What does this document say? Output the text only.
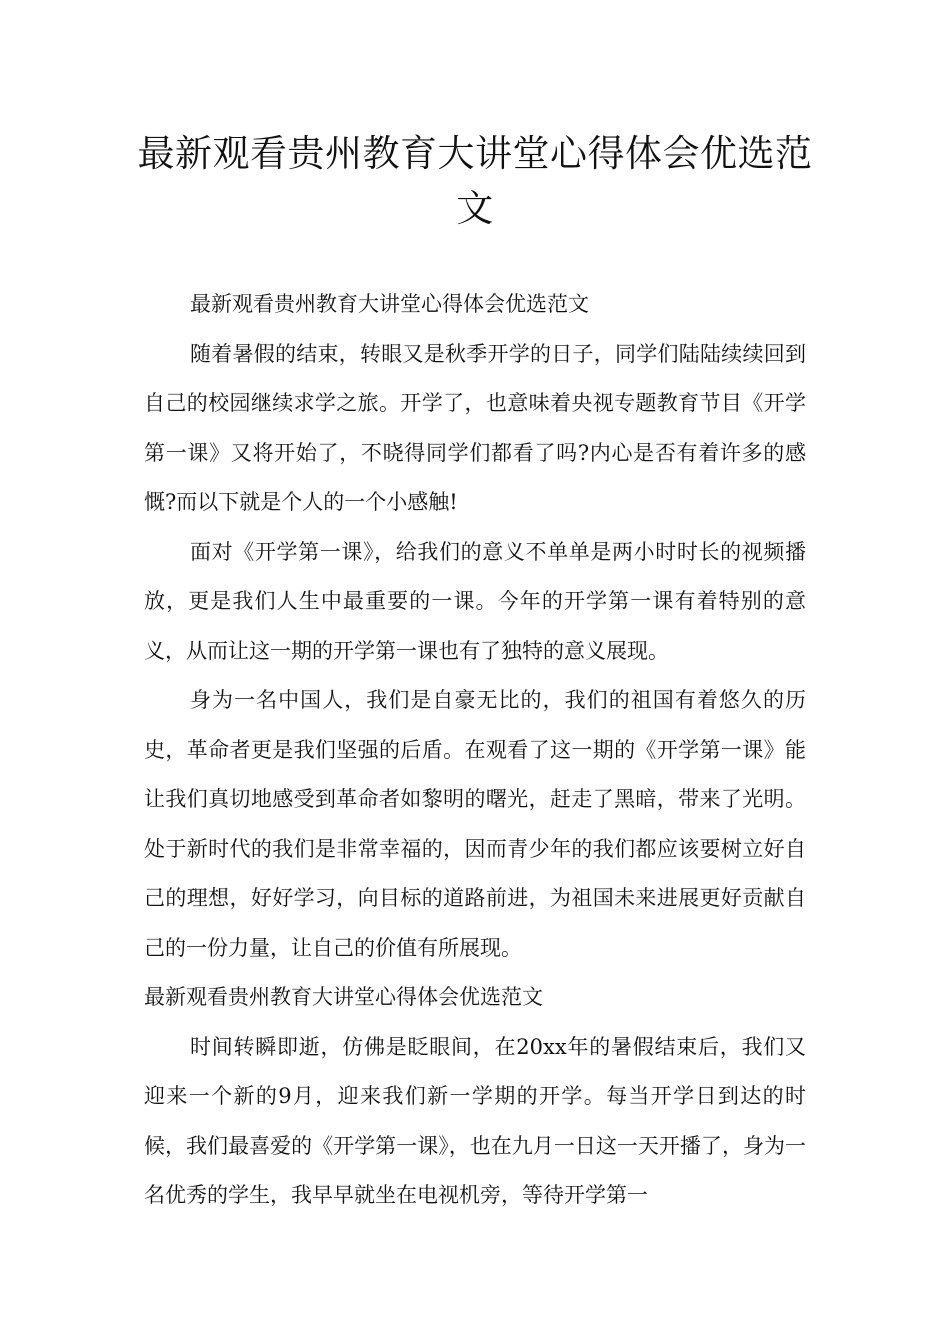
最新观看贵州教育大讲堂心得体会优选范文

最新观看贵州教育大讲堂心得体会优选范文

随着暑假的结束，转眼又是秋季开学的日子，同学们陆陆续续回到自己的校园继续求学之旅。开学了，也意味着央视专题教育节目《开学第一课》又将开始了，不晓得同学们都看了吗?内心是否有着许多的感慨?而以下就是个人的一个小感触!

面对《开学第一课》，给我们的意义不单单是两小时时长的视频播放，更是我们人生中最重要的一课。今年的开学第一课有着特别的意义，从而让这一期的开学第一课也有了独特的意义展现。

身为一名中国人，我们是自豪无比的，我们的祖国有着悠久的历史，革命者更是我们坚强的后盾。在观看了这一期的《开学第一课》能让我们真切地感受到革命者如黎明的曙光，赶走了黑暗，带来了光明。处于新时代的我们是非常幸福的，因而青少年的我们都应该要树立好自己的理想，好好学习，向目标的道路前进，为祖国未来进展更好贡献自己的一份力量，让自己的价值有所展现。

最新观看贵州教育大讲堂心得体会优选范文

时间转瞬即逝，仿佛是眨眼间，在20xx年的暑假结束后，我们又迎来一个新的9月，迎来我们新一学期的开学。每当开学日到达的时候，我们最喜爱的《开学第一课》，也在九月一日这一天开播了，身为一名优秀的学生，我早早就坐在电视机旁，等待开学第一
